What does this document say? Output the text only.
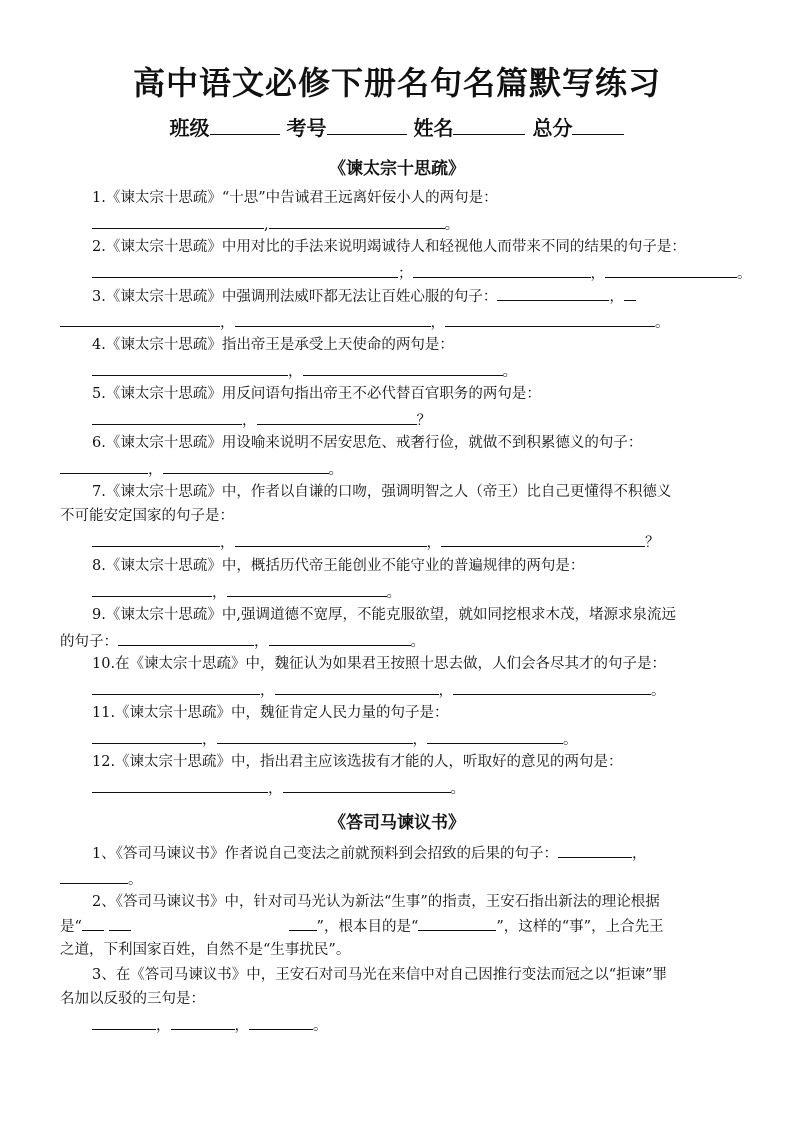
高中语文必修下册名句名篇默写练习
班级	考号	姓名	总分
《谏太宗十思疏》
1.《谏太宗十思疏》“十思”中告诫君王远离奸佞小人的两句是：
,	。
2.《谏太宗十思疏》中用对比的手法来说明竭诚待人和轻视他人而带来不同的结果的句子是：
；	，	。
3.《谏太宗十思疏》中强调刑法威吓都无法让百姓心服的句子：	，
，	，	。
4.《谏太宗十思疏》指出帝王是承受上天使命的两句是：
，	。
5.《谏太宗十思疏》用反问语句指出帝王不必代替百官职务的两句是：
，	？
6.《谏太宗十思疏》用设喻来说明不居安思危、戒奢行俭，就做不到积累德义的句子：
，	。
7.《谏太宗十思疏》中，作者以自谦的口吻，强调明智之人（帝王）比自己更懂得不积德义
不可能安定国家的句子是：
，	，	？
8.《谏太宗十思疏》中，概括历代帝王能创业不能守业的普遍规律的两句是：
，	。
9.《谏太宗十思疏》中,强调道德不宽厚，不能克服欲望，就如同挖根求木茂，堵源求泉流远
的句子：	，	。
10.在《谏太宗十思疏》中，魏征认为如果君王按照十思去做，人们会各尽其才的句子是：
，	，	。
11.《谏太宗十思疏》中，魏征肯定人民力量的句子是：
，	，	。
12.《谏太宗十思疏》中，指出君主应该选拔有才能的人，听取好的意见的两句是：
，	。
《答司马谏议书》
1、《答司马谏议书》作者说自己变法之前就预料到会招致的后果的句子：	，
。
2、《答司马谏议书》中，针对司马光认为新法“生事”的指责，王安石指出新法的理论根据
是“	”，根本目的是“	”，这样的“事”，上合先王
之道，下利国家百姓，自然不是“生事扰民”。
3、在《答司马谏议书》中，王安石对司马光在来信中对自己因推行变法而冠之以“拒谏”罪
名加以反驳的三句是：
，	，	。
